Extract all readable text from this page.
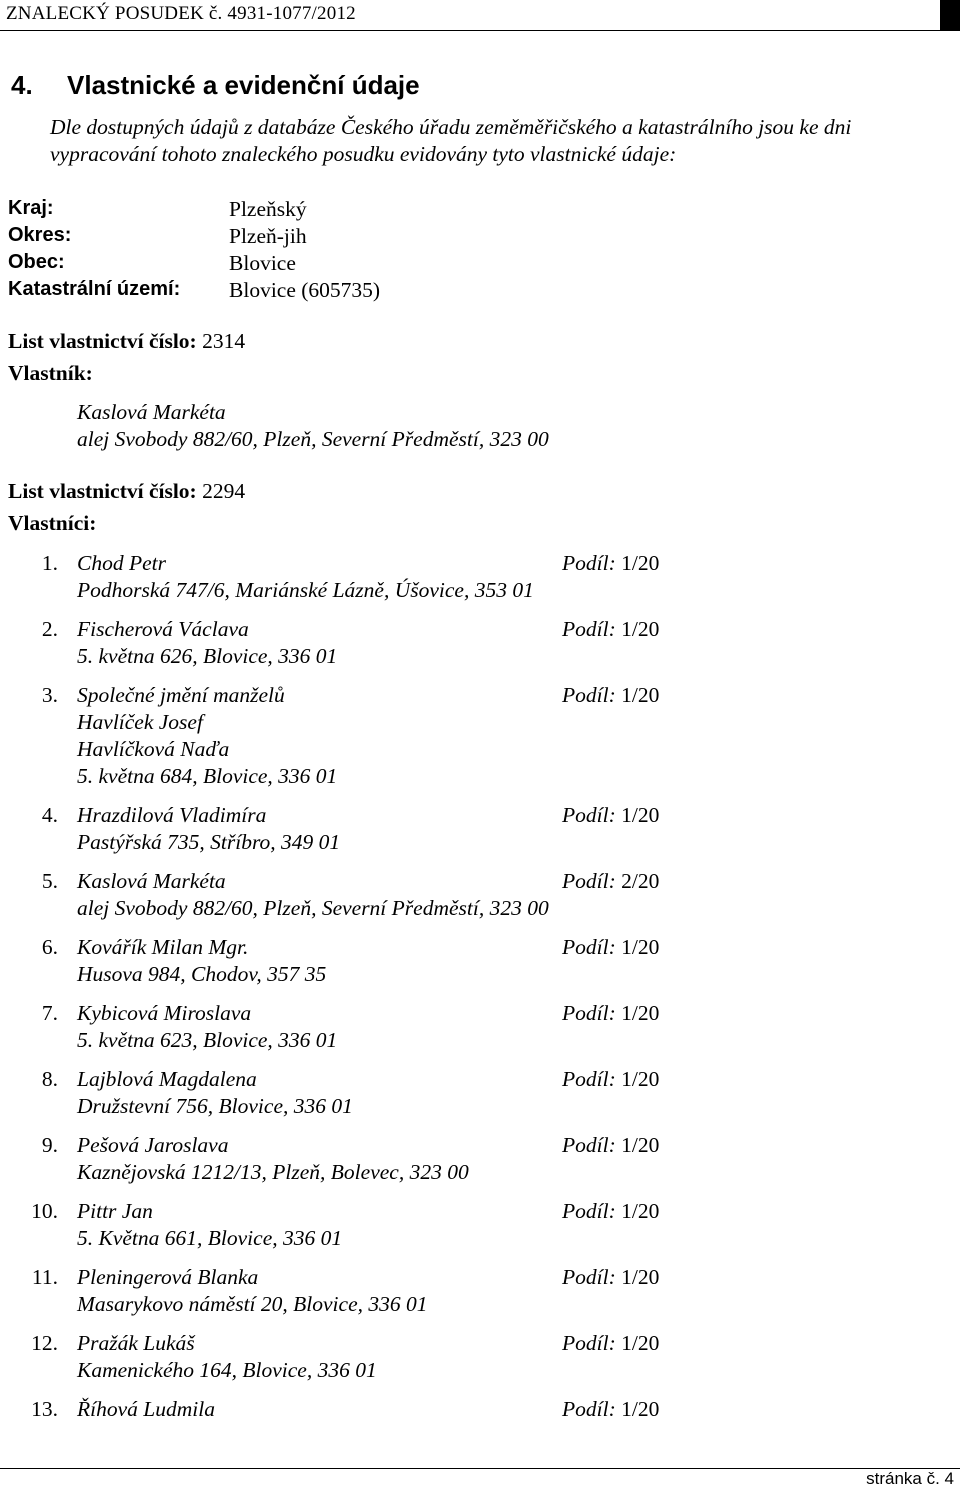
ZNALECKÝ POSUDEK č. 4931-1077/2012
4. Vlastnické a evidenční údaje
Dle dostupných údajů z databáze Českého úřadu zeměměřičského a katastrálního jsou ke dni vypracování tohoto znaleckého posudku evidovány tyto vlastnické údaje:
Kraj:	Plzeňský
Okres:	Plzeň-jih
Obec:	Blovice
Katastrální území: Blovice (605735)
List vlastnictví číslo: 2314
Vlastník:
Kaslová Markéta
alej Svobody 882/60, Plzeň, Severní Předměstí, 323 00
List vlastnictví číslo: 2294
Vlastníci:
1. Chod Petr	Podíl: 1/20
Podhorská 747/6, Mariánské Lázně, Úšovice, 353 01
2. Fischerová Václava	Podíl: 1/20
5. května 626, Blovice, 336 01
3. Společné jmění manželů	Podíl: 1/20
Havlíček Josef
Havlíčková Naďa
5. května 684, Blovice, 336 01
4. Hrazdilová Vladimíra	Podíl: 1/20
Pastýřská 735, Stříbro, 349 01
5. Kaslová Markéta	Podíl: 2/20
alej Svobody 882/60, Plzeň, Severní Předměstí, 323 00
6. Kovářík Milan Mgr.	Podíl: 1/20
Husova 984, Chodov, 357 35
7. Kybicová Miroslava	Podíl: 1/20
5. května 623, Blovice, 336 01
8. Lajblová Magdalena	Podíl: 1/20
Družstevní 756, Blovice, 336 01
9. Pešová Jaroslava	Podíl: 1/20
Kaznějovská 1212/13, Plzeň, Bolevec, 323 00
10. Pittr Jan	Podíl: 1/20
5. Května 661, Blovice, 336 01
11. Pleningerová Blanka	Podíl: 1/20
Masarykovo náměstí 20, Blovice, 336 01
12. Pražák Lukáš	Podíl: 1/20
Kamenického 164, Blovice, 336 01
13. Říhová Ludmila	Podíl: 1/20
stránka č. 4
